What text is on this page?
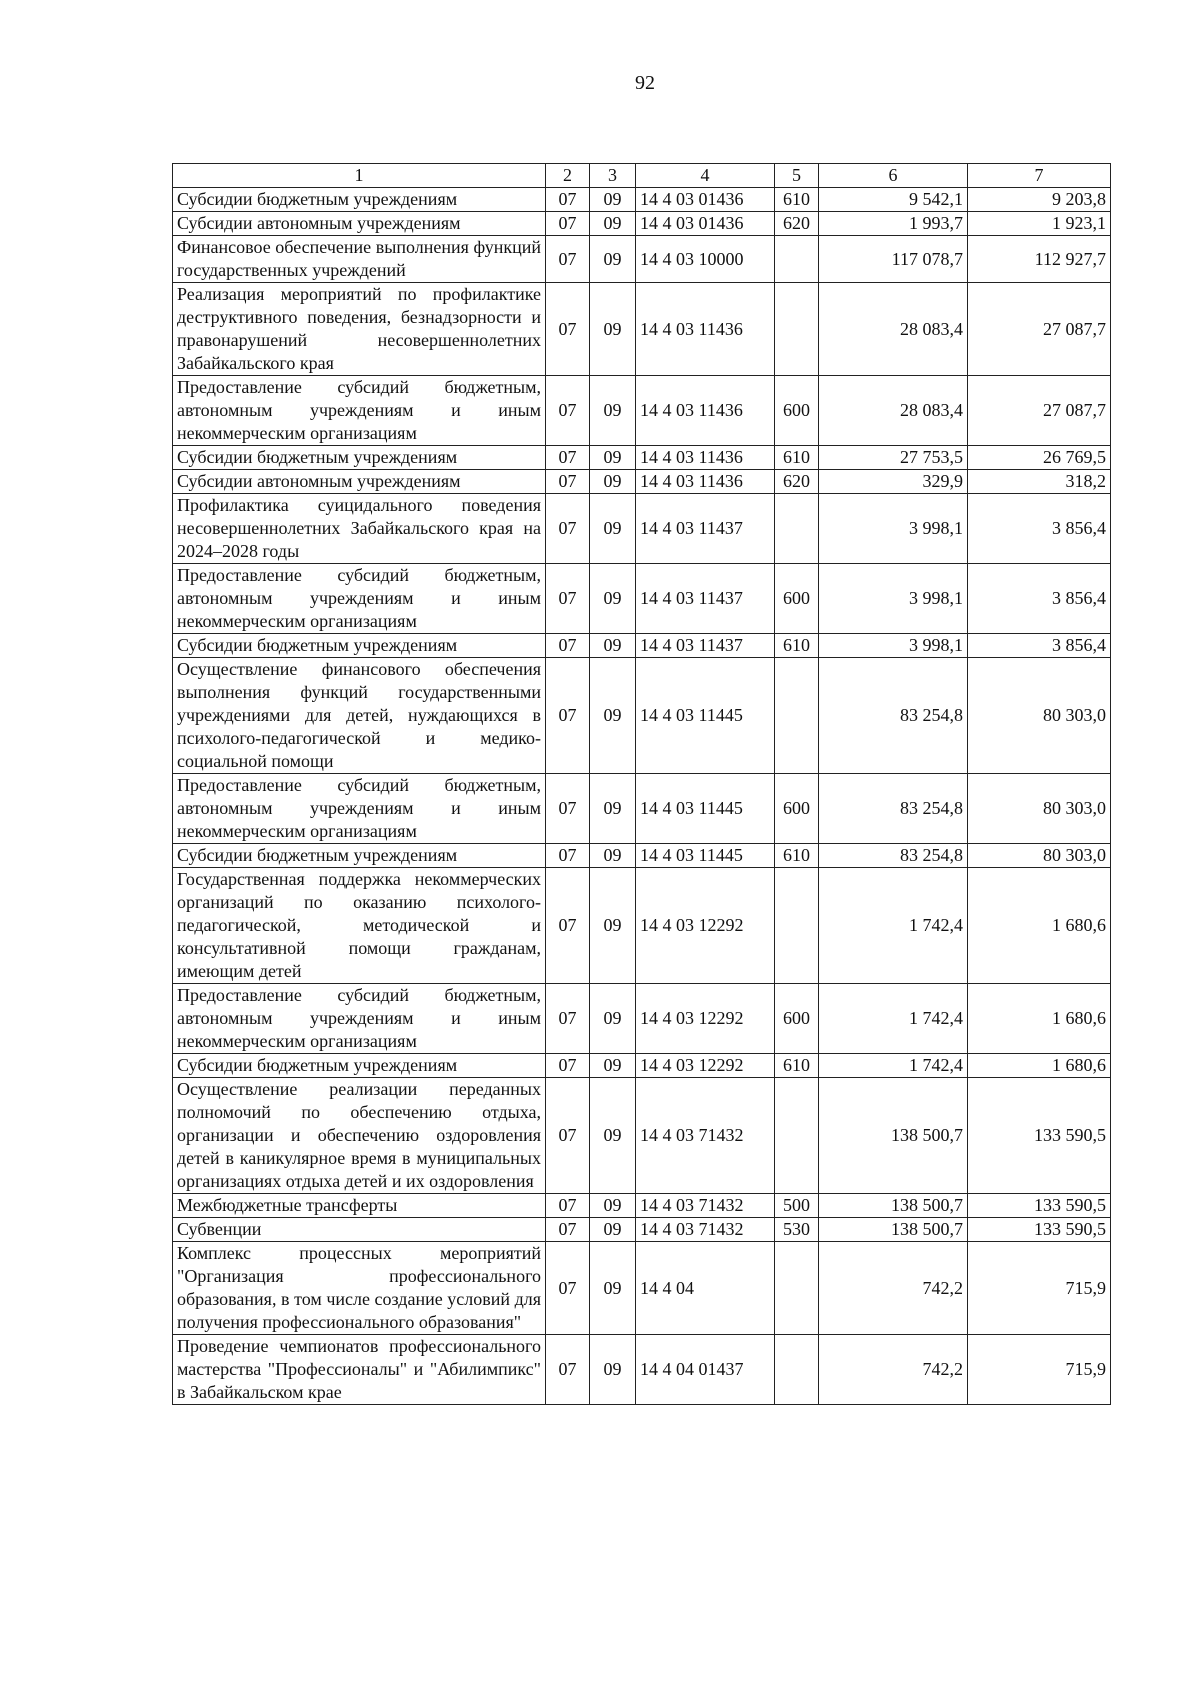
92
1	2	3	4	5	6	7
Субсидии бюджетным учреждениям	07	09	14 4 03 01436	610	9 542,1	9 203,8
Субсидии автономным учреждениям	07	09	14 4 03 01436	620	1 993,7	1 923,1
Финансовое обеспечение выполнения функций государственных учреждений	07	09	14 4 03 10000		117 078,7	112 927,7
Реализация мероприятий по профилактике деструктивного поведения, безнадзорности и правонарушений несовершеннолетних Забайкальского края	07	09	14 4 03 11436		28 083,4	27 087,7
Предоставление субсидий бюджетным, автономным учреждениям и иным некоммерческим организациям	07	09	14 4 03 11436	600	28 083,4	27 087,7
Субсидии бюджетным учреждениям	07	09	14 4 03 11436	610	27 753,5	26 769,5
Субсидии автономным учреждениям	07	09	14 4 03 11436	620	329,9	318,2
Профилактика суицидального поведения несовершеннолетних Забайкальского края на 2024–2028 годы	07	09	14 4 03 11437		3 998,1	3 856,4
Предоставление субсидий бюджетным, автономным учреждениям и иным некоммерческим организациям	07	09	14 4 03 11437	600	3 998,1	3 856,4
Субсидии бюджетным учреждениям	07	09	14 4 03 11437	610	3 998,1	3 856,4
Осуществление финансового обеспечения выполнения функций государственными учреждениями для детей, нуждающихся в психолого-педагогической и медико-социальной помощи	07	09	14 4 03 11445		83 254,8	80 303,0
Предоставление субсидий бюджетным, автономным учреждениям и иным некоммерческим организациям	07	09	14 4 03 11445	600	83 254,8	80 303,0
Субсидии бюджетным учреждениям	07	09	14 4 03 11445	610	83 254,8	80 303,0
Государственная поддержка некоммерческих организаций по оказанию психолого-педагогической, методической и консультативной помощи гражданам, имеющим детей	07	09	14 4 03 12292		1 742,4	1 680,6
Предоставление субсидий бюджетным, автономным учреждениям и иным некоммерческим организациям	07	09	14 4 03 12292	600	1 742,4	1 680,6
Субсидии бюджетным учреждениям	07	09	14 4 03 12292	610	1 742,4	1 680,6
Осуществление реализации переданных полномочий по обеспечению отдыха, организации и обеспечению оздоровления детей в каникулярное время в муниципальных организациях отдыха детей и их оздоровления	07	09	14 4 03 71432		138 500,7	133 590,5
Межбюджетные трансферты	07	09	14 4 03 71432	500	138 500,7	133 590,5
Субвенции	07	09	14 4 03 71432	530	138 500,7	133 590,5
Комплекс процессных мероприятий "Организация профессионального образования, в том числе создание условий для получения профессионального образования"	07	09	14 4 04		742,2	715,9
Проведение чемпионатов профессионального мастерства "Профессионалы" и "Абилимпикс" в Забайкальском крае	07	09	14 4 04 01437		742,2	715,9
